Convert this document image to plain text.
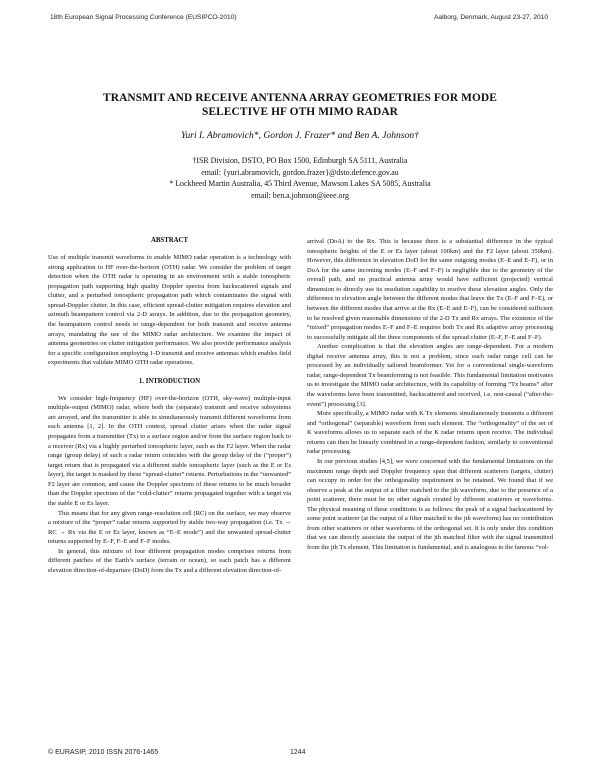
18th European Signal Processing Conference (EUSIPCO-2010)	Aalborg, Denmark, August 23-27, 2010
TRANSMIT AND RECEIVE ANTENNA ARRAY GEOMETRIES FOR MODE
SELECTIVE HF OTH MIMO RADAR
Yuri I. Abramovich*, Gordon J. Frazer* and Ben A. Johnson†
†ISR Division, DSTO, PO Box 1500, Edinburgh SA 5111, Australia
email: {yuri.abramovich, gordon.frazer}@dsto.defence.gov.au
* Lockheed Martin Australia, 45 Third Avenue, Mawson Lakes SA 5085, Australia
email: ben.a.johnson@ieee.org
ABSTRACT

Use of multiple transmit waveforms to enable MIMO radar operation is a technology with strong application to HF over-the-horizon (OTH) radar. We consider the problem of target detection when the OTH radar is operating in an environment with a stable ionospheric propagation path supporting high quality Doppler spectra from backscattered signals and clutter, and a perturbed ionospheric propagation path which contaminates the signal with spread-Doppler clutter. In this case, efficient spread-clutter mitigation requires elevation and azimuth beampattern control via 2-D arrays. In addition, due to the propagation geometry, the beampattern control needs to range-dependent for both transmit and receive antenna arrays, mandating the use of the MIMO radar architecture. We examine the impact of antenna geometries on clutter mitigation performance. We also provide performance analysis for a specific configuration employing 1-D transmit and receive antennas which enables field experiments that validate MIMO OTH radar operations.

1. INTRODUCTION

We consider high-frequency (HF) over-the-horizon (OTH, sky-wave) multiple-input multiple-output (MIMO) radar, where both the (separate) transmit and receive subsystems are arrayed, and the transmitter is able to simultaneously transmit different waveforms from each antenna [1, 2]. In the OTH context, spread clutter arises when the radar signal propagates from a transmitter (Tx) to a surface region and/or from the surface region back to a receiver (Rx) via a highly perturbed ionospheric layer, such as the F2 layer. When the radar range (group delay) of such a radar return coincides with the group delay of the (“proper”) target return that is propagated via a different stable ionospheric layer (such as the E or Es layer), the target is masked by these “spread-clutter” returns. Perturbations in the “unwanted” F2 layer are common, and cause the Doppler spectrum of these returns to be much broader than the Doppler spectrum of the “cold-clutter” returns propagated together with a target via the stable E or Es layer.

This means that for any given range-resolution cell (RC) on the surface, we may observe a mixture of the “proper” radar returns supported by stable two-way propagation (i.e. Tx → RC → Rx via the E or Es layer, known as “E–E mode”) and the unwanted spread-clutter returns supported by E–F, F–E and F–F modes.

In general, this mixture of four different propagation modes comprises returns from different patches of the Earth’s surface (terrain or ocean), so each patch has a different elevation direction-of-departure (DoD) from the Tx and a different elevation direction-of-

arrival (DoA) to the Rx. This is because there is a substantial difference in the typical ionospheric heights of the E or Es layer (about 100km) and the F2 layer (about 350km). However, this difference in elevation DoD for the same outgoing modes (E–E and E–F), or in DoA for the same incoming modes (E–F and F–F) is negligible due to the geometry of the overall path, and no practical antenna array would have sufficient (projected) vertical dimension to directly use its resolution capability to resolve these elevation angles. Only the difference in elevation angle between the different modes that leave the Tx (E–F and F–E), or between the different modes that arrive at the Rx (E–E and E–F), can be considered sufficient to be resolved given reasonable dimensions of the 2-D Tx and Rx arrays. The existence of the “mixed” propagation modes E–F and F–E requires both Tx and Rx adaptive array processing to successfully mitigate all the three components of the spread clutter (E–F, F–E and F–F).

Another complication is that the elevation angles are range-dependent. For a modern digital receive antenna array, this is not a problem, since each radar range cell can be processed by an individually tailored beamformer. Yet for a conventional single-waveform radar, range-dependent Tx beamforming is not feasible. This fundamental limitation motivates us to investigate the MIMO radar architecture, with its capability of forming “Tx beams” after the waveforms have been transmitted, backscattered and received, i.e. non-causal (“after-the-event”) processing [3].

More specifically, a MIMO radar with K Tx elements simultaneously transmits a different and “orthogonal” (separable) waveform from each element. The “orthogonality” of the set of K waveforms allows us to separate each of the K radar returns upon receive. The individual returns can then be linearly combined in a range-dependent fashion, similarly to conventional radar processing.

In our previous studies [4,5], we were concerned with the fundamental limitations on the maximum range depth and Doppler frequency span that different scatterers (targets, clutter) can occupy in order for the orthogonality requirement to be retained. We found that if we observe a peak at the output of a filter matched to the jth waveform, due to the presence of a point scatterer, there must be no other signals created by different scatterers or waveforms. The physical meaning of these conditions is as follows: the peak of a signal backscattered by some point scatterer (at the output of a filter matched to the jth waveform) has no contribution from other scatterers or other waveforms of the orthogonal set. It is only under this condition that we can directly associate the output of the jth matched filter with the signal transmitted from the jth Tx element. This limitation is fundamental, and is analogous to the famous “vol-

© EURASIP, 2010 ISSN 2076-1465	1244
